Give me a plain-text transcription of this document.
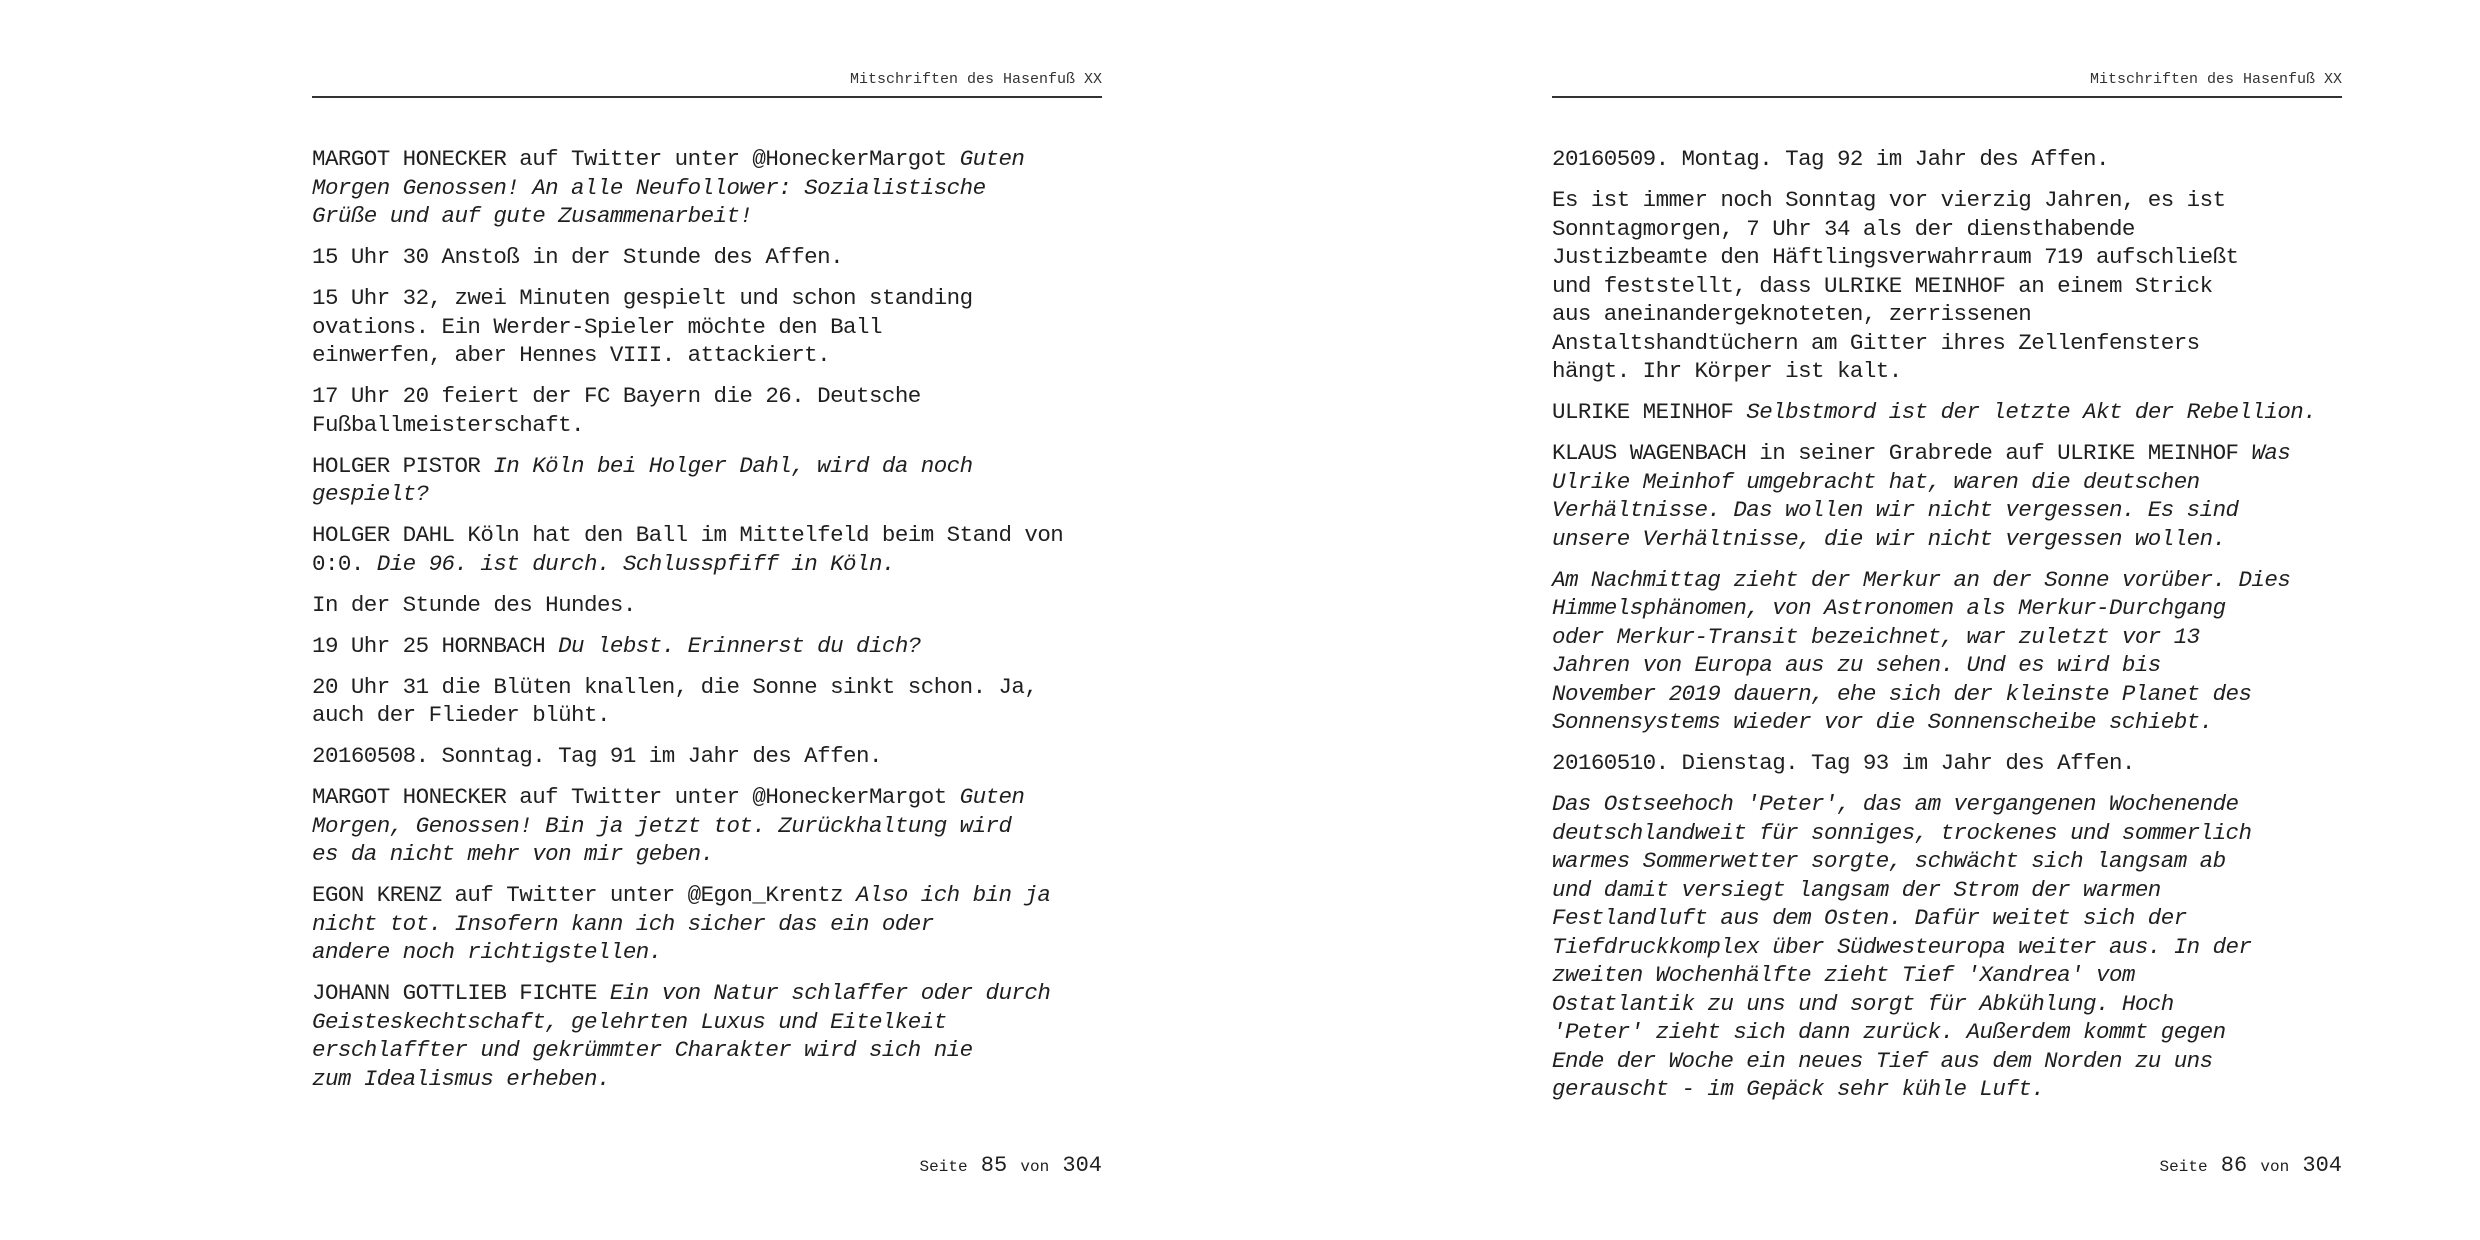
Mitschriften des Hasenfuß XX
MARGOT HONECKER auf Twitter unter @HoneckerMargot Guten
Morgen Genossen! An alle Neufollower: Sozialistische
Grüße und auf gute Zusammenarbeit!
15 Uhr 30 Anstoß in der Stunde des Affen.
15 Uhr 32, zwei Minuten gespielt und schon standing
ovations. Ein Werder-Spieler möchte den Ball
einwerfen, aber Hennes VIII. attackiert.
17 Uhr 20 feiert der FC Bayern die 26. Deutsche
Fußballmeisterschaft.
HOLGER PISTOR In Köln bei Holger Dahl, wird da noch
gespielt?
HOLGER DAHL Köln hat den Ball im Mittelfeld beim Stand von
0:0. Die 96. ist durch. Schlusspfiff in Köln.
In der Stunde des Hundes.
19 Uhr 25 HORNBACH Du lebst. Erinnerst du dich?
20 Uhr 31 die Blüten knallen, die Sonne sinkt schon. Ja,
auch der Flieder blüht.
20160508. Sonntag. Tag 91 im Jahr des Affen.
MARGOT HONECKER auf Twitter unter @HoneckerMargot Guten
Morgen, Genossen! Bin ja jetzt tot. Zurückhaltung wird
es da nicht mehr von mir geben.
EGON KRENZ auf Twitter unter @Egon_Krentz Also ich bin ja
nicht tot. Insofern kann ich sicher das ein oder
andere noch richtigstellen.
JOHANN GOTTLIEB FICHTE Ein von Natur schlaffer oder durch
Geisteskechtschaft, gelehrten Luxus und Eitelkeit
erschlaffter und gekrümmter Charakter wird sich nie
zum Idealismus erheben.
Seite 85 von 304
Mitschriften des Hasenfuß XX
20160509. Montag. Tag 92 im Jahr des Affen.
Es ist immer noch Sonntag vor vierzig Jahren, es ist
Sonntagmorgen, 7 Uhr 34 als der diensthabende
Justizbeamte den Häftlingsverwahrraum 719 aufschließt
und feststellt, dass ULRIKE MEINHOF an einem Strick
aus aneinandergeknoteten, zerrissenen
Anstaltshandtüchern am Gitter ihres Zellenfensters
hängt. Ihr Körper ist kalt.
ULRIKE MEINHOF Selbstmord ist der letzte Akt der Rebellion.
KLAUS WAGENBACH in seiner Grabrede auf ULRIKE MEINHOF Was
Ulrike Meinhof umgebracht hat, waren die deutschen
Verhältnisse. Das wollen wir nicht vergessen. Es sind
unsere Verhältnisse, die wir nicht vergessen wollen.
Am Nachmittag zieht der Merkur an der Sonne vorüber. Dies
Himmelsphänomen, von Astronomen als Merkur-Durchgang
oder Merkur-Transit bezeichnet, war zuletzt vor 13
Jahren von Europa aus zu sehen. Und es wird bis
November 2019 dauern, ehe sich der kleinste Planet des
Sonnensystems wieder vor die Sonnenscheibe schiebt.
20160510. Dienstag. Tag 93 im Jahr des Affen.
Das Ostseehoch 'Peter', das am vergangenen Wochenende
deutschlandweit für sonniges, trockenes und sommerlich
warmes Sommerwetter sorgte, schwächt sich langsam ab
und damit versiegt langsam der Strom der warmen
Festlandluft aus dem Osten. Dafür weitet sich der
Tiefdruckkomplex über Südwesteuropa weiter aus. In der
zweiten Wochenhälfte zieht Tief 'Xandrea' vom
Ostatlantik zu uns und sorgt für Abkühlung. Hoch
'Peter' zieht sich dann zurück. Außerdem kommt gegen
Ende der Woche ein neues Tief aus dem Norden zu uns
gerauscht - im Gepäck sehr kühle Luft.
Seite 86 von 304
